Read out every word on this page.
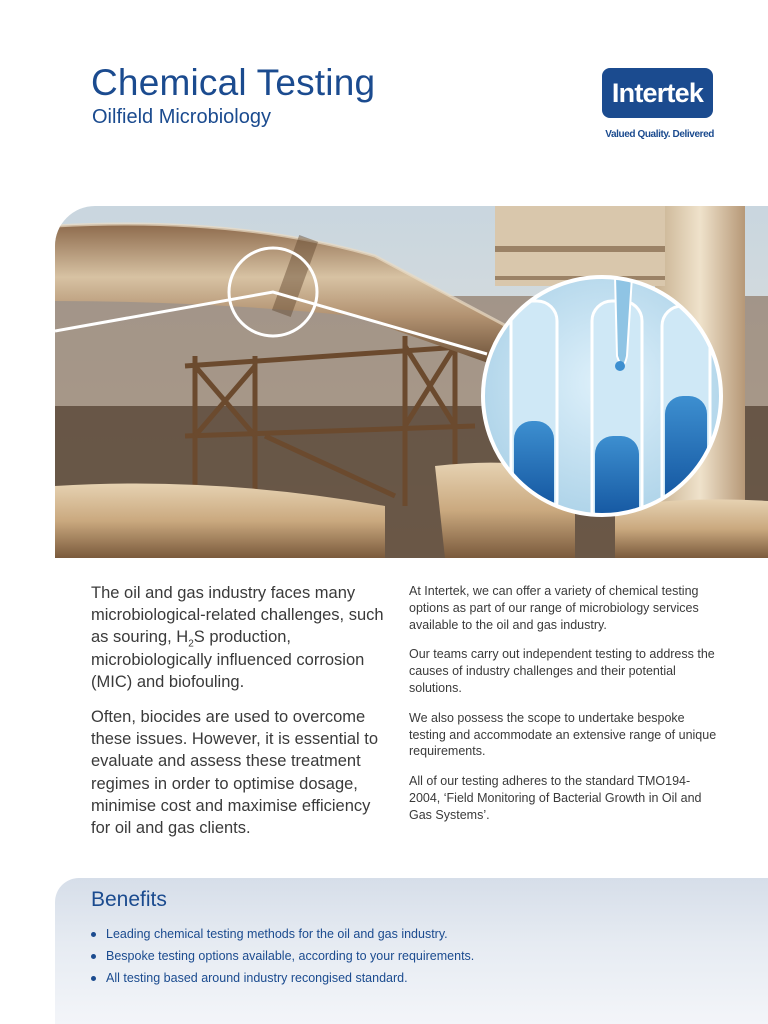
Chemical Testing
Oilfield Microbiology
Intertek
Valued Quality. Delivered

The oil and gas industry faces many microbiological-related challenges, such as souring, $H_2S$ production, microbiologically influenced corrosion (MIC) and biofouling.

Often, biocides are used to overcome these issues. However, it is essential to evaluate and assess these treatment regimes in order to optimise dosage, minimise cost and maximise efficiency for oil and gas clients.

At Intertek, we can offer a variety of chemical testing options as part of our range of microbiology services available to the oil and gas industry.

Our teams carry out independent testing to address the causes of industry challenges and their potential solutions.

We also possess the scope to undertake bespoke testing and accommodate an extensive range of unique requirements.

All of our testing adheres to the standard TMO194-2004, ‘Field Monitoring of Bacterial Growth in Oil and Gas Systems’.

Benefits
Leading chemical testing methods for the oil and gas industry.
Bespoke testing options available, according to your requirements.
All testing based around industry recongised standard.
